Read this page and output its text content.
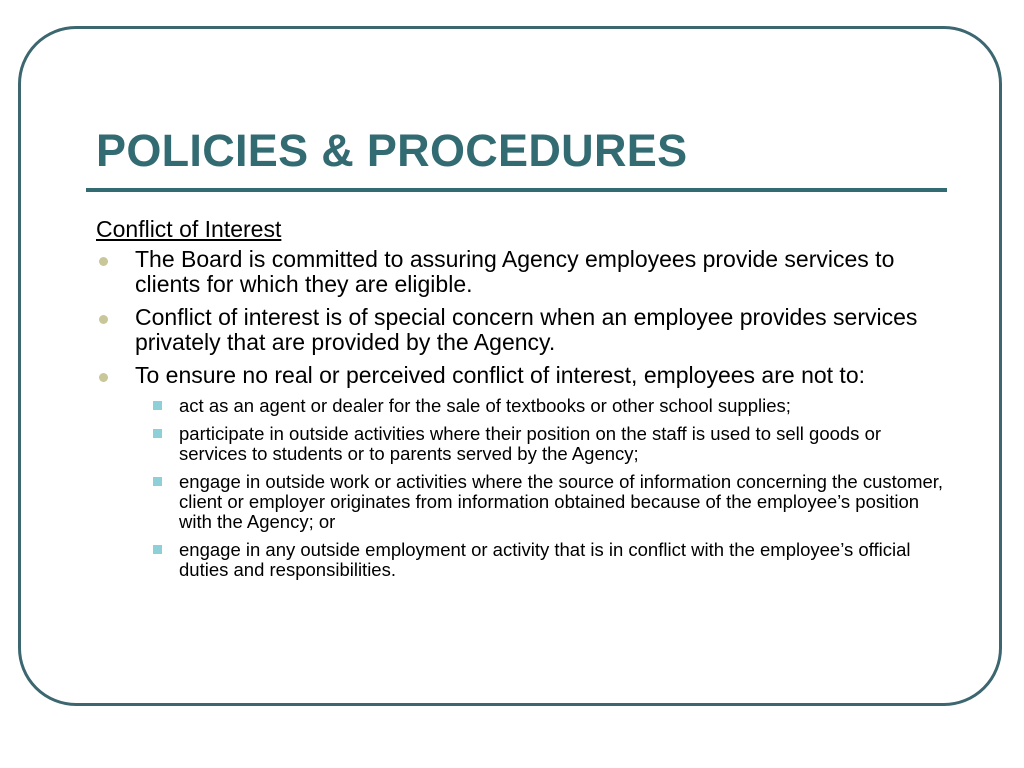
POLICIES & PROCEDURES
Conflict of Interest
The Board is committed to assuring Agency employees provide services to clients for which they are eligible.
Conflict of interest is of special concern when an employee provides services privately that are provided by the Agency.
To ensure no real or perceived conflict of interest, employees are not to:
act as an agent or dealer for the sale of textbooks or other school supplies;
participate in outside activities where their position on the staff is used to sell goods or services to students or to parents served by the Agency;
engage in outside work or activities where the source of information concerning the customer, client or employer originates from information obtained because of the employee’s position with the Agency; or
engage in any outside employment or activity that is in conflict with the employee’s official duties and responsibilities.
